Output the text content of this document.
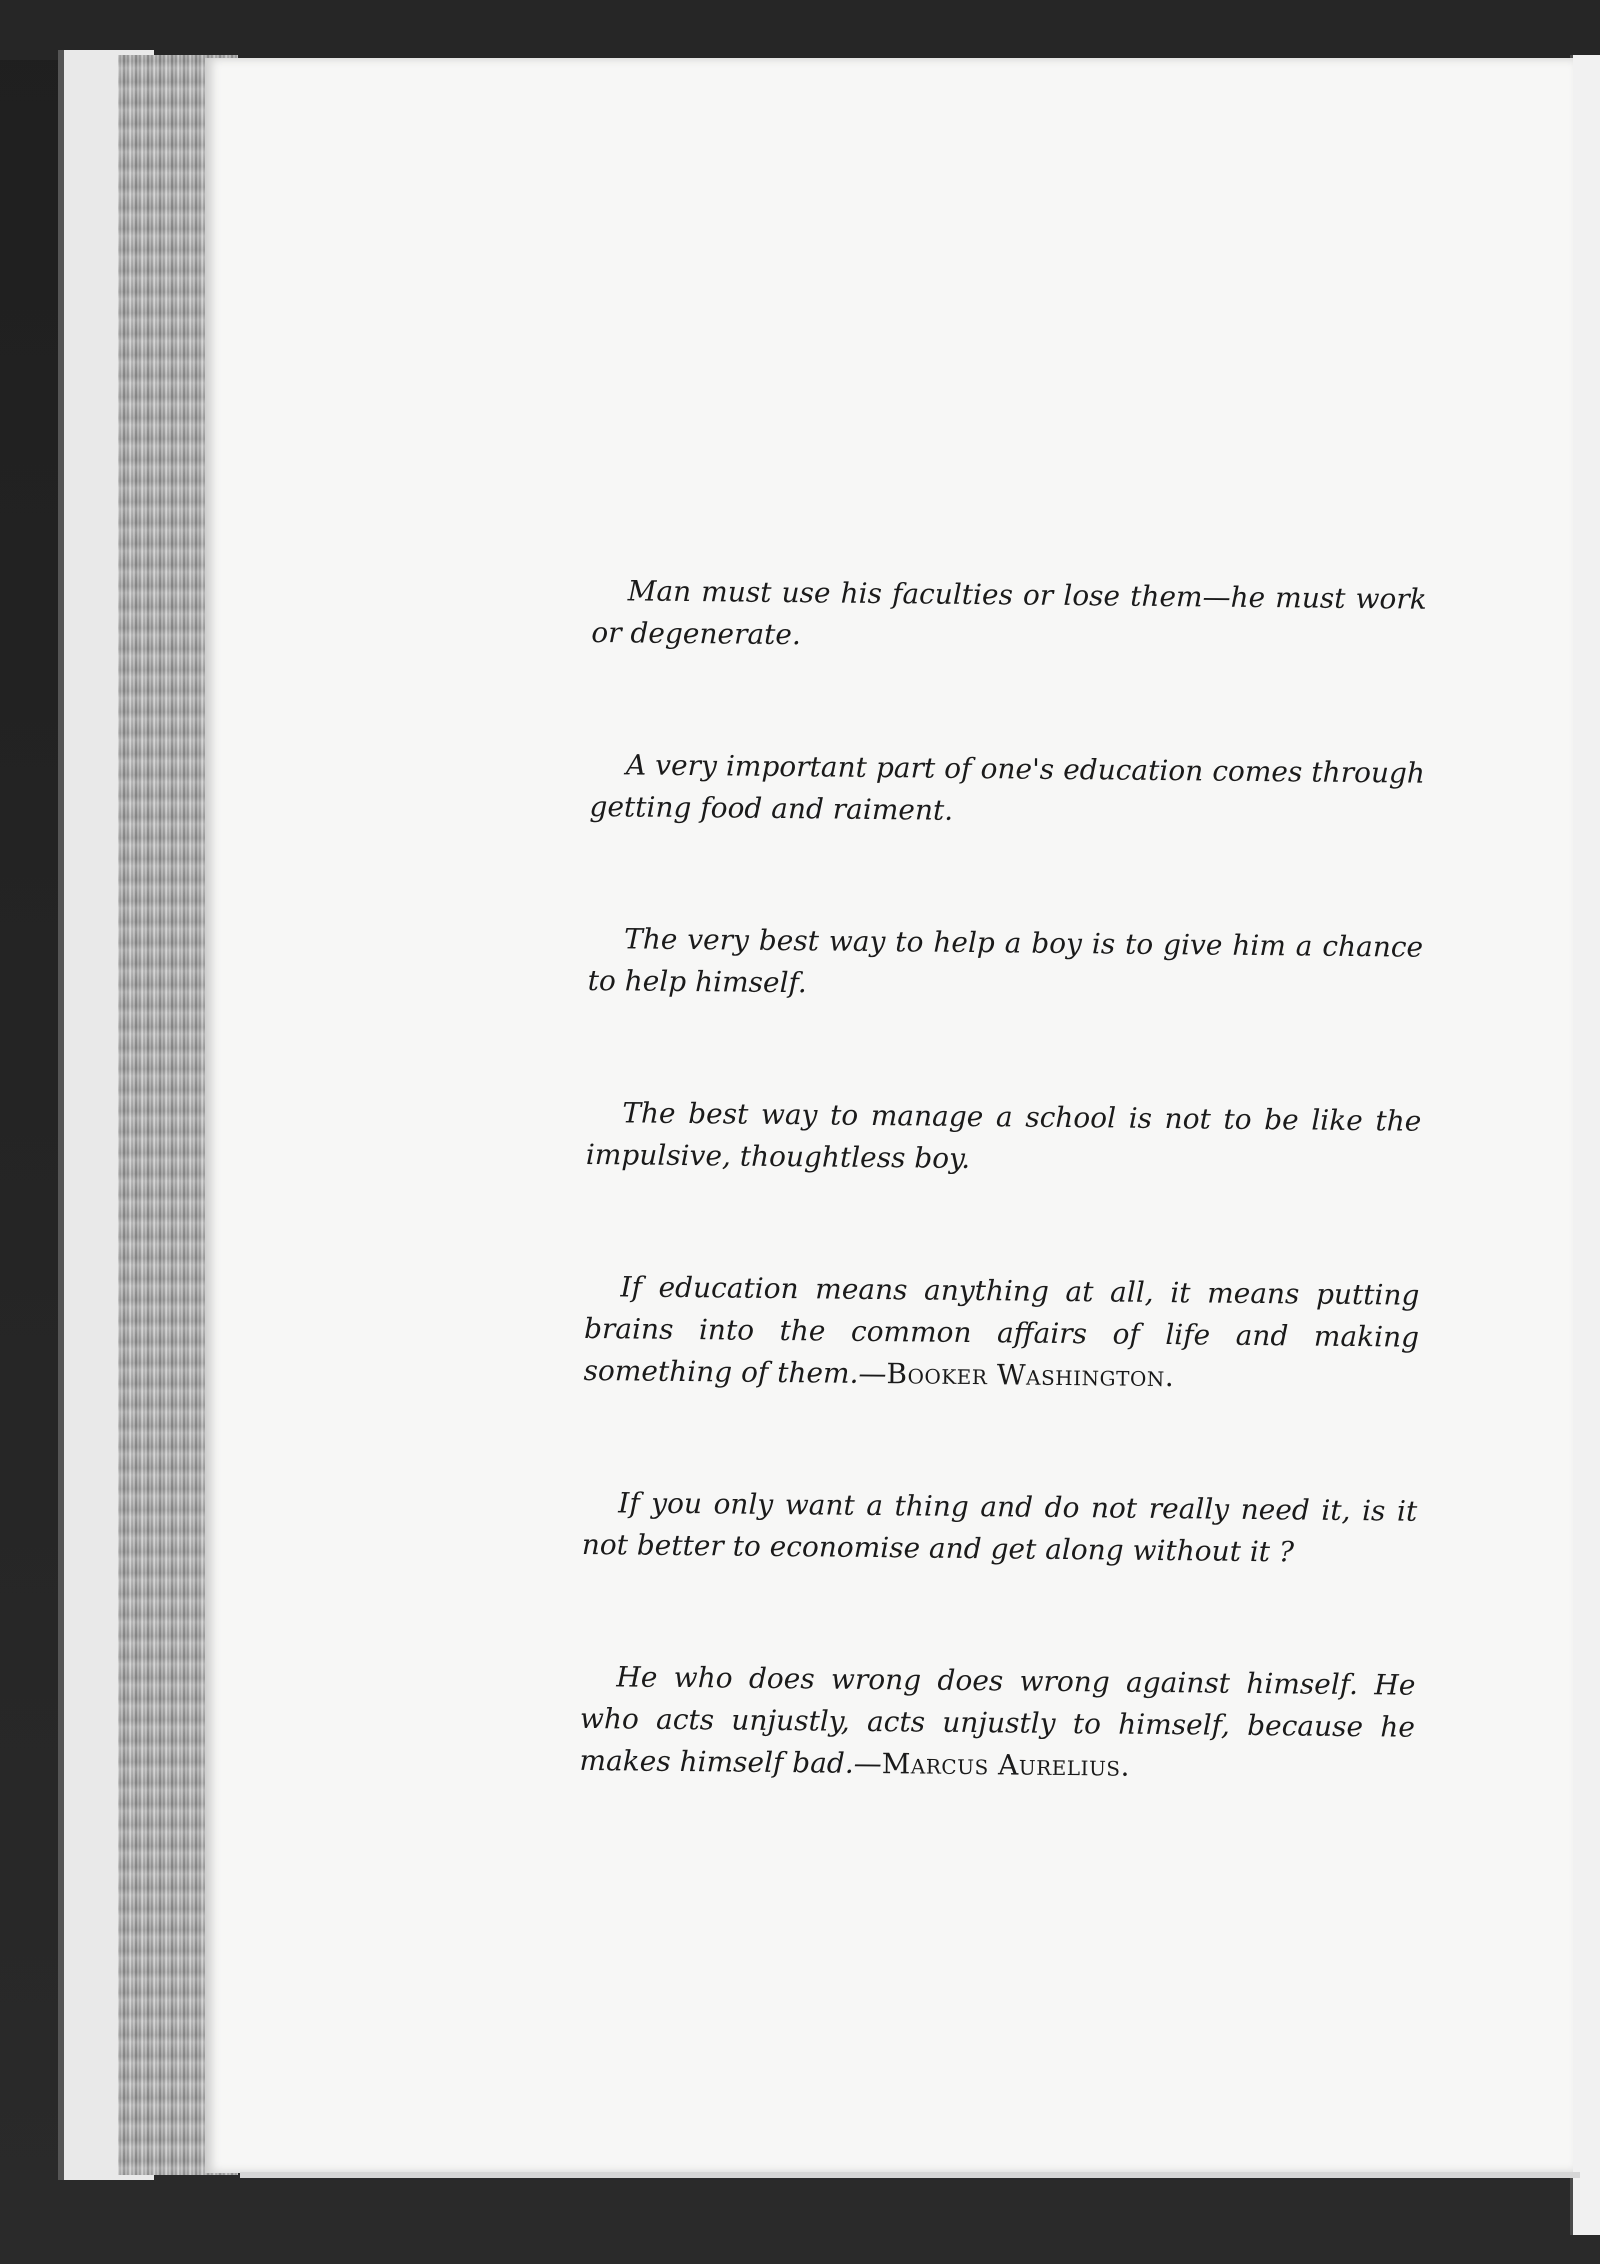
Man must use his faculties or lose them—he must work or degenerate.

A very important part of one's education comes through getting food and raiment.

The very best way to help a boy is to give him a chance to help himself.

The best way to manage a school is not to be like the impulsive, thoughtless boy.

If education means anything at all, it means putting brains into the common affairs of life and making something of them.—Booker Washington.

If you only want a thing and do not really need it, is it not better to economise and get along without it ?

He who does wrong does wrong against himself. He who acts unjustly, acts unjustly to himself, because he makes himself bad.—Marcus Aurelius.
